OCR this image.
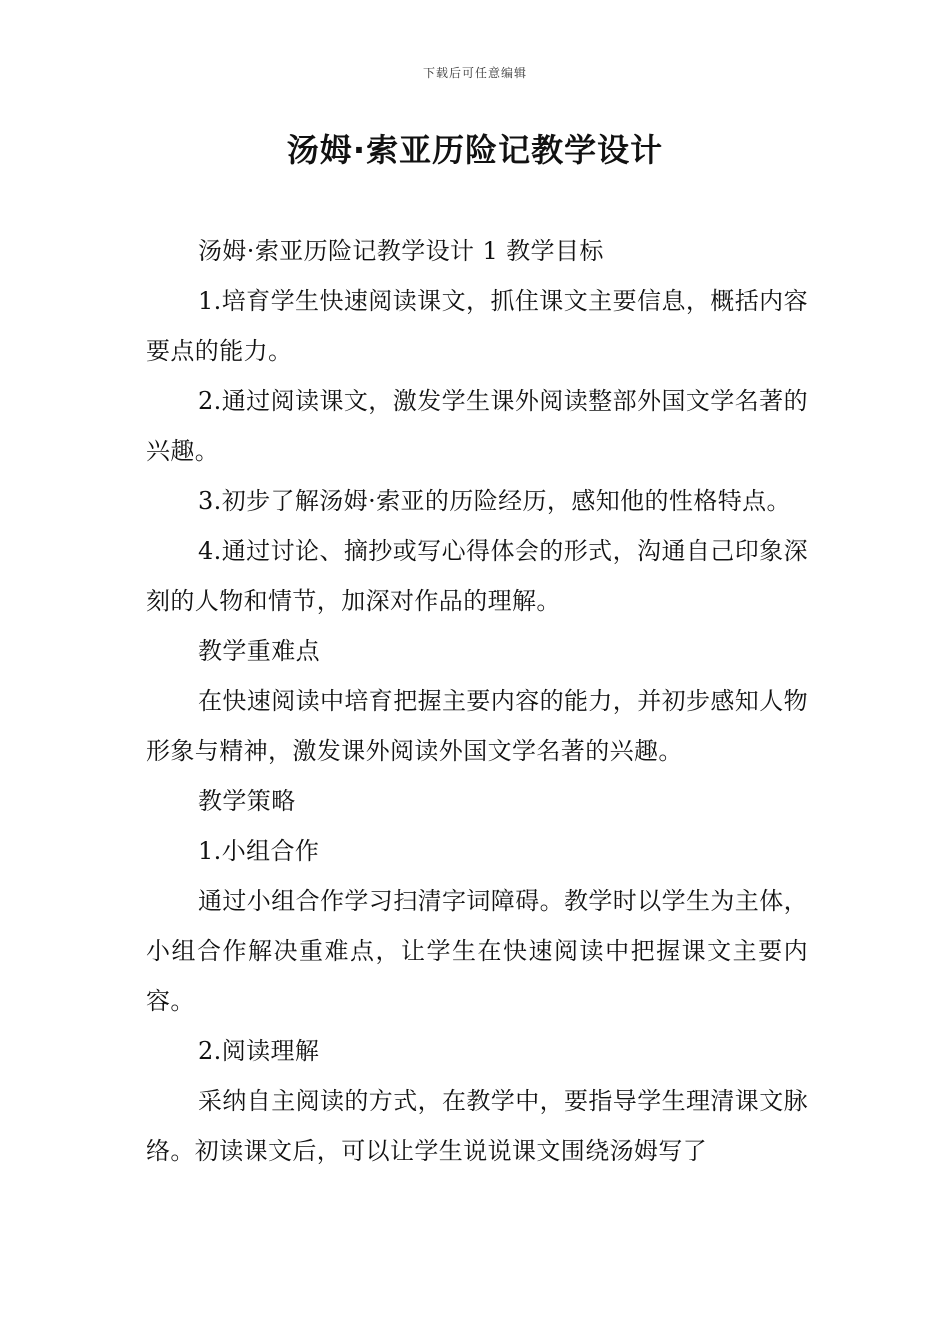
下载后可任意编辑
汤姆·索亚历险记教学设计

汤姆·索亚历险记教学设计 1 教学目标

1.培育学生快速阅读课文，抓住课文主要信息，概括内容要点的能力。

2.通过阅读课文，激发学生课外阅读整部外国文学名著的兴趣。

3.初步了解汤姆·索亚的历险经历，感知他的性格特点。

4.通过讨论、摘抄或写心得体会的形式，沟通自己印象深刻的人物和情节，加深对作品的理解。

教学重难点

在快速阅读中培育把握主要内容的能力，并初步感知人物形象与精神，激发课外阅读外国文学名著的兴趣。

教学策略

1.小组合作

通过小组合作学习扫清字词障碍。教学时以学生为主体，小组合作解决重难点，让学生在快速阅读中把握课文主要内容。

2.阅读理解

采纳自主阅读的方式，在教学中，要指导学生理清课文脉络。初读课文后，可以让学生说说课文围绕汤姆写了
